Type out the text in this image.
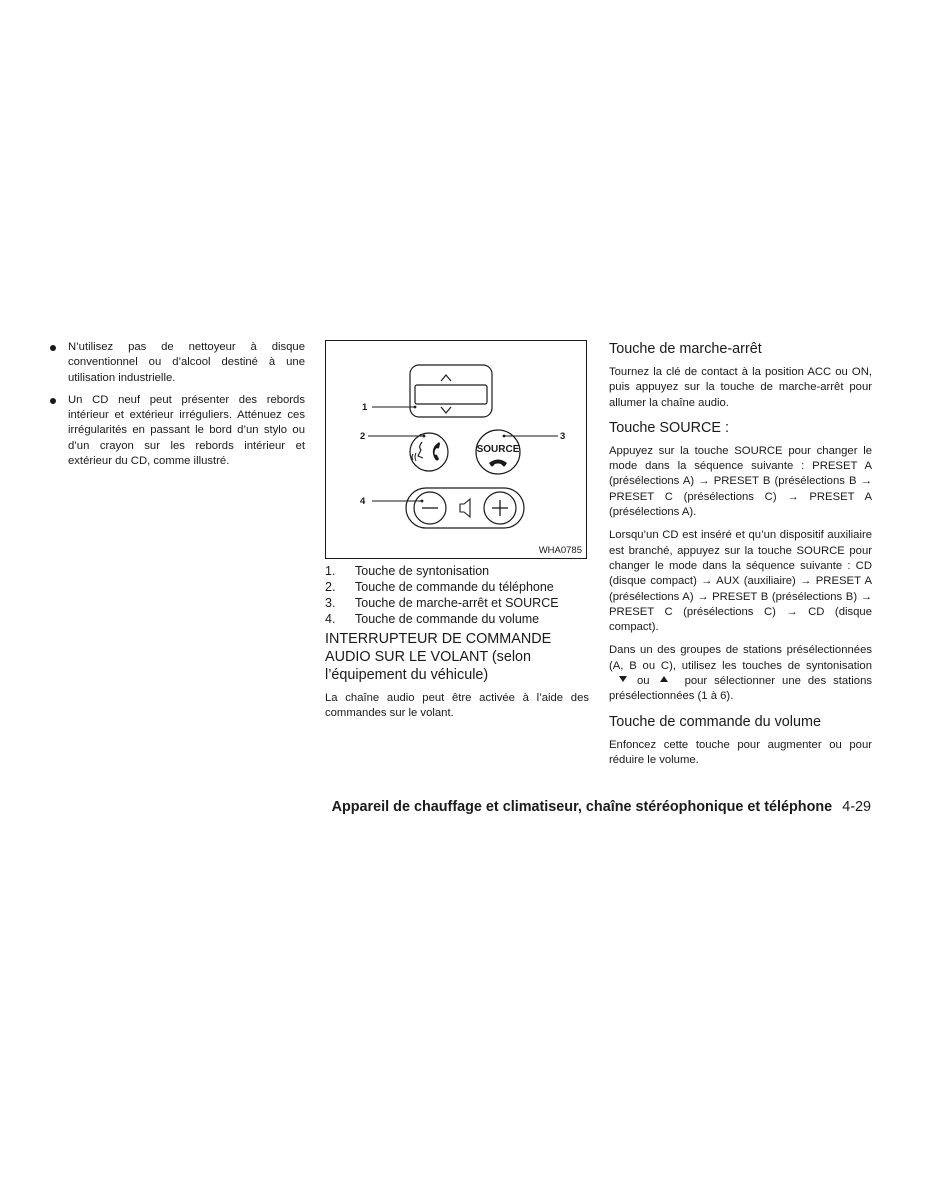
N’utilisez pas de nettoyeur à disque conventionnel ou d’alcool destiné à une utilisation industrielle.
Un CD neuf peut présenter des rebords intérieur et extérieur irréguliers. Atténuez ces irrégularités en passant le bord d’un stylo ou d’un crayon sur les rebords intérieur et extérieur du CD, comme illustré.
SOURCE
1
2	3
4
WHA0785
1.	Touche de syntonisation
2.	Touche de commande du téléphone
3.	Touche de marche-arrêt et SOURCE
4.	Touche de commande du volume
INTERRUPTEUR DE COMMANDE AUDIO SUR LE VOLANT (selon l’équipement du véhicule)

La chaîne audio peut être activée à l’aide des commandes sur le volant.

Touche de marche-arrêt

Tournez la clé de contact à la position ACC ou ON, puis appuyez sur la touche de marche-arrêt pour allumer la chaîne audio.

Touche SOURCE :

Appuyez sur la touche SOURCE pour changer le mode dans la séquence suivante : PRESET A (présélections A) → PRESET B (présélections B → PRESET C (présélections C) → PRESET A (présélections A).

Lorsqu’un CD est inséré et qu’un dispositif auxiliaire est branché, appuyez sur la touche SOURCE pour changer le mode dans la séquence suivante : CD (disque compact) → AUX (auxiliaire) → PRESET A (présélections A) → PRESET B (présélections B) → PRESET C (présélections C) → CD (disque compact).

Dans un des groupes de stations présélectionnées (A, B ou C), utilisez les touches de syntonisation ou	pour sélectionner une des stations présélectionnées (1 à 6).

Touche de commande du volume

Enfoncez cette touche pour augmenter ou pour réduire le volume.

Appareil de chauffage et climatiseur, chaîne stéréophonique et téléphone 4-29
